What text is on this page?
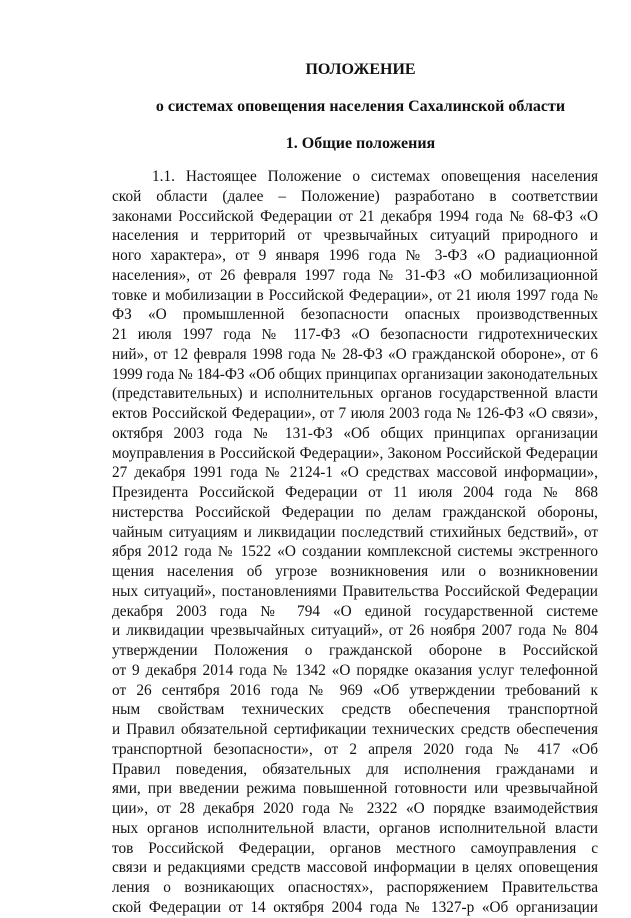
ПОЛОЖЕНИЕ
о системах оповещения населения Сахалинской области
1. Общие положения
1.1. Настоящее Положение о системах оповещения населения
ской области (далее – Положение) разработано в соответствии
законами Российской Федерации от 21 декабря 1994 года № 68-ФЗ «О
населения и территорий от чрезвычайных ситуаций природного и
ного характера», от 9 января 1996 года № 3-ФЗ «О радиационной
населения», от 26 февраля 1997 года № 31-ФЗ «О мобилизационной
товке и мобилизации в Российской Федерации», от 21 июля 1997 года №
ФЗ «О промышленной безопасности опасных производственных
21 июля 1997 года № 117-ФЗ «О безопасности гидротехнических
ний», от 12 февраля 1998 года № 28-ФЗ «О гражданской обороне», от 6
1999 года № 184-ФЗ «Об общих принципах организации законодательных
(представительных) и исполнительных органов государственной власти
ектов Российской Федерации», от 7 июля 2003 года № 126-ФЗ «О связи»,
октября 2003 года № 131-ФЗ «Об общих принципах организации
моуправления в Российской Федерации», Законом Российской Федерации
27 декабря 1991 года № 2124-1 «О средствах массовой информации»,
Президента Российской Федерации от 11 июля 2004 года № 868
нистерства Российской Федерации по делам гражданской обороны,
чайным ситуациям и ликвидации последствий стихийных бедствий», от
ября 2012 года № 1522 «О создании комплексной системы экстренного
щения населения об угрозе возникновения или о возникновении
ных ситуаций», постановлениями Правительства Российской Федерации
декабря 2003 года № 794 «О единой государственной системе
и ликвидации чрезвычайных ситуаций», от 26 ноября 2007 года № 804
утверждении Положения о гражданской обороне в Российской
от 9 декабря 2014 года № 1342 «О порядке оказания услуг телефонной
от 26 сентября 2016 года № 969 «Об утверждении требований к
ным свойствам технических средств обеспечения транспортной
и Правил обязательной сертификации технических средств обеспечения
транспортной безопасности», от 2 апреля 2020 года № 417 «Об
Правил поведения, обязательных для исполнения гражданами и
ями, при введении режима повышенной готовности или чрезвычайной
ции», от 28 декабря 2020 года № 2322 «О порядке взаимодействия
ных органов исполнительной власти, органов исполнительной власти
тов Российской Федерации, органов местного самоуправления с
связи и редакциями средств массовой информации в целях оповещения
ления о возникающих опасностях», распоряжением Правительства
ской Федерации от 14 октября 2004 года № 1327-р «Об организации
